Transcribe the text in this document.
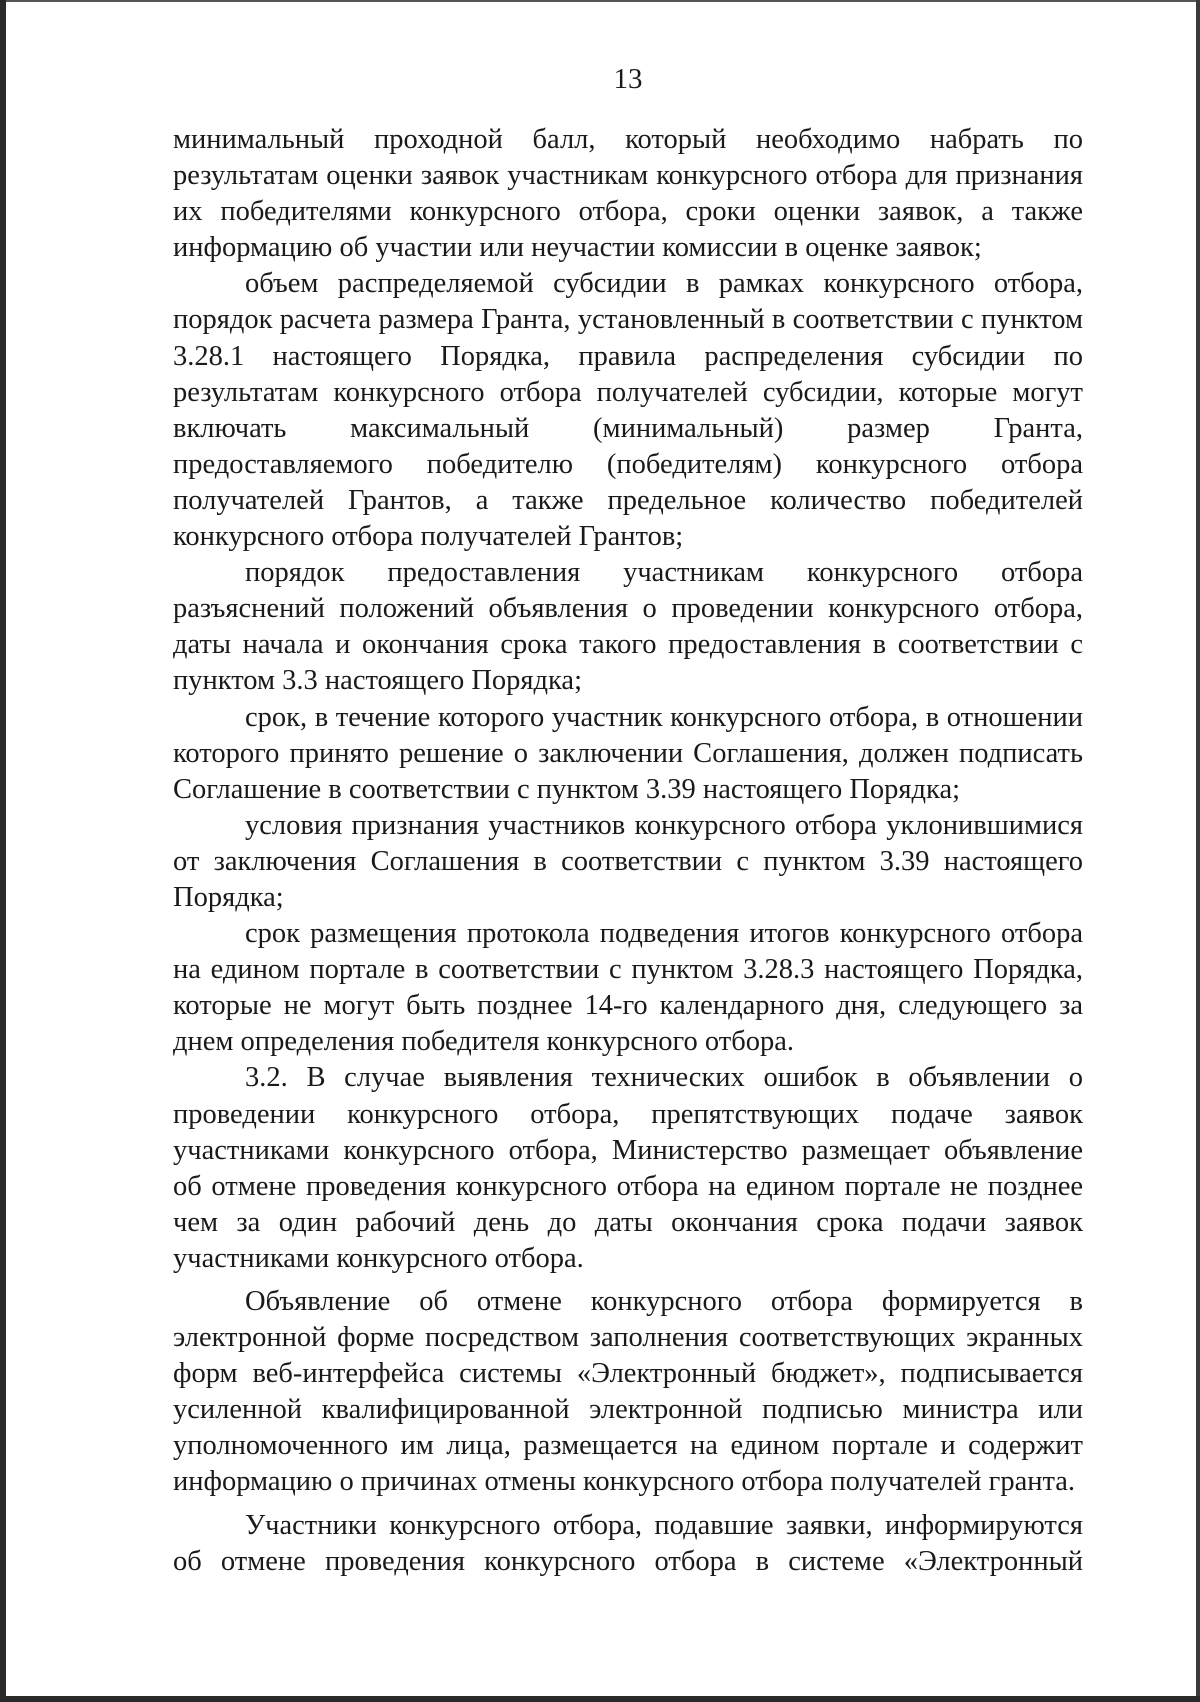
13

минимальный проходной балл, который необходимо набрать по результатам оценки заявок участникам конкурсного отбора для признания их победителями конкурсного отбора, сроки оценки заявок, а также информацию об участии или неучастии комиссии в оценке заявок;

объем распределяемой субсидии в рамках конкурсного отбора, порядок расчета размера Гранта, установленный в соответствии с пунктом 3.28.1 настоящего Порядка, правила распределения субсидии по результатам конкурсного отбора получателей субсидии, которые могут включать максимальный (минимальный) размер Гранта, предоставляемого победителю (победителям) конкурсного отбора получателей Грантов, а также предельное количество победителей конкурсного отбора получателей Грантов;

порядок предоставления участникам конкурсного отбора разъяснений положений объявления о проведении конкурсного отбора, даты начала и окончания срока такого предоставления в соответствии с пунктом 3.3 настоящего Порядка;

срок, в течение которого участник конкурсного отбора, в отношении которого принято решение о заключении Соглашения, должен подписать Соглашение в соответствии с пунктом 3.39 настоящего Порядка;

условия признания участников конкурсного отбора уклонившимися от заключения Соглашения в соответствии с пунктом 3.39 настоящего Порядка;

срок размещения протокола подведения итогов конкурсного отбора на едином портале в соответствии с пунктом 3.28.3 настоящего Порядка, которые не могут быть позднее 14-го календарного дня, следующего за днем определения победителя конкурсного отбора.

3.2. В случае выявления технических ошибок в объявлении о проведении конкурсного отбора, препятствующих подаче заявок участниками конкурсного отбора, Министерство размещает объявление об отмене проведения конкурсного отбора на едином портале не позднее чем за один рабочий день до даты окончания срока подачи заявок участниками конкурсного отбора.

Объявление об отмене конкурсного отбора формируется в электронной форме посредством заполнения соответствующих экранных форм веб-интерфейса системы «Электронный бюджет», подписывается усиленной квалифицированной электронной подписью министра или уполномоченного им лица, размещается на едином портале и содержит информацию о причинах отмены конкурсного отбора получателей гранта.

Участники конкурсного отбора, подавшие заявки, информируются об отмене проведения конкурсного отбора в системе «Электронный
